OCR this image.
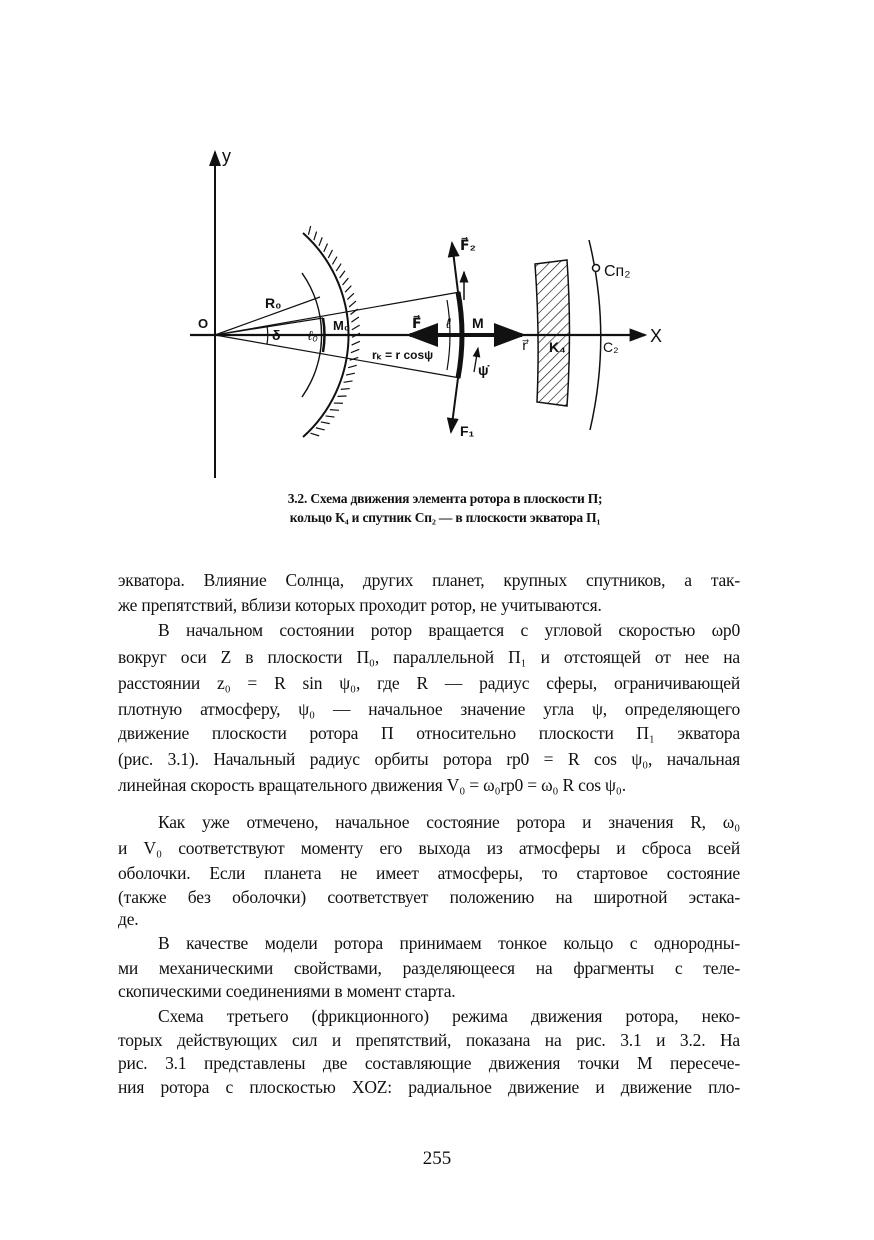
y
X
O
R₀
δ ℓ₀
M₀	F⃗ ℓ M
F⃗₂
F₁
rₖ = r cosψ
ψ̇
r⃗ K₄	C₂
Cп₂
3.2. Схема движения элемента ротора в плоскости П;
кольцо К₄ и спутник Сп₂ — в плоскости экватора П₁
экватора. Влияние Солнца, других планет, крупных спутников, а так-
же препятствий, вблизи которых проходит ротор, не учитываются.
В начальном состоянии ротор вращается с угловой скоростью ωр0
вокруг оси Z в плоскости П₀, параллельной П₁ и отстоящей от нее на
расстоянии z₀ = R sin ψ₀, где R — радиус сферы, ограничивающей
плотную атмосферу, ψ₀ — начальное значение угла ψ, определяющего
движение плоскости ротора П относительно плоскости П₁ экватора
(рис. 3.1). Начальный радиус орбиты ротора rр0 = R cos ψ₀, начальная
линейная скорость вращательного движения V₀ = ω₀rр0 = ω₀ R cos ψ₀.
Как уже отмечено, начальное состояние ротора и значения R, ω₀
и V₀ соответствуют моменту его выхода из атмосферы и сброса всей
оболочки. Если планета не имеет атмосферы, то стартовое состояние
(также без оболочки) соответствует положению на широтной эстака-
де.
В качестве модели ротора принимаем тонкое кольцо с однородны-
ми механическими свойствами, разделяющееся на фрагменты с теле-
скопическими соединениями в момент старта.
Схема третьего (фрикционного) режима движения ротора, неко-
торых действующих сил и препятствий, показана на рис. 3.1 и 3.2. На
рис. 3.1 представлены две составляющие движения точки M пересече-
ния ротора с плоскостью XOZ: радиальное движение и движение пло-
255
